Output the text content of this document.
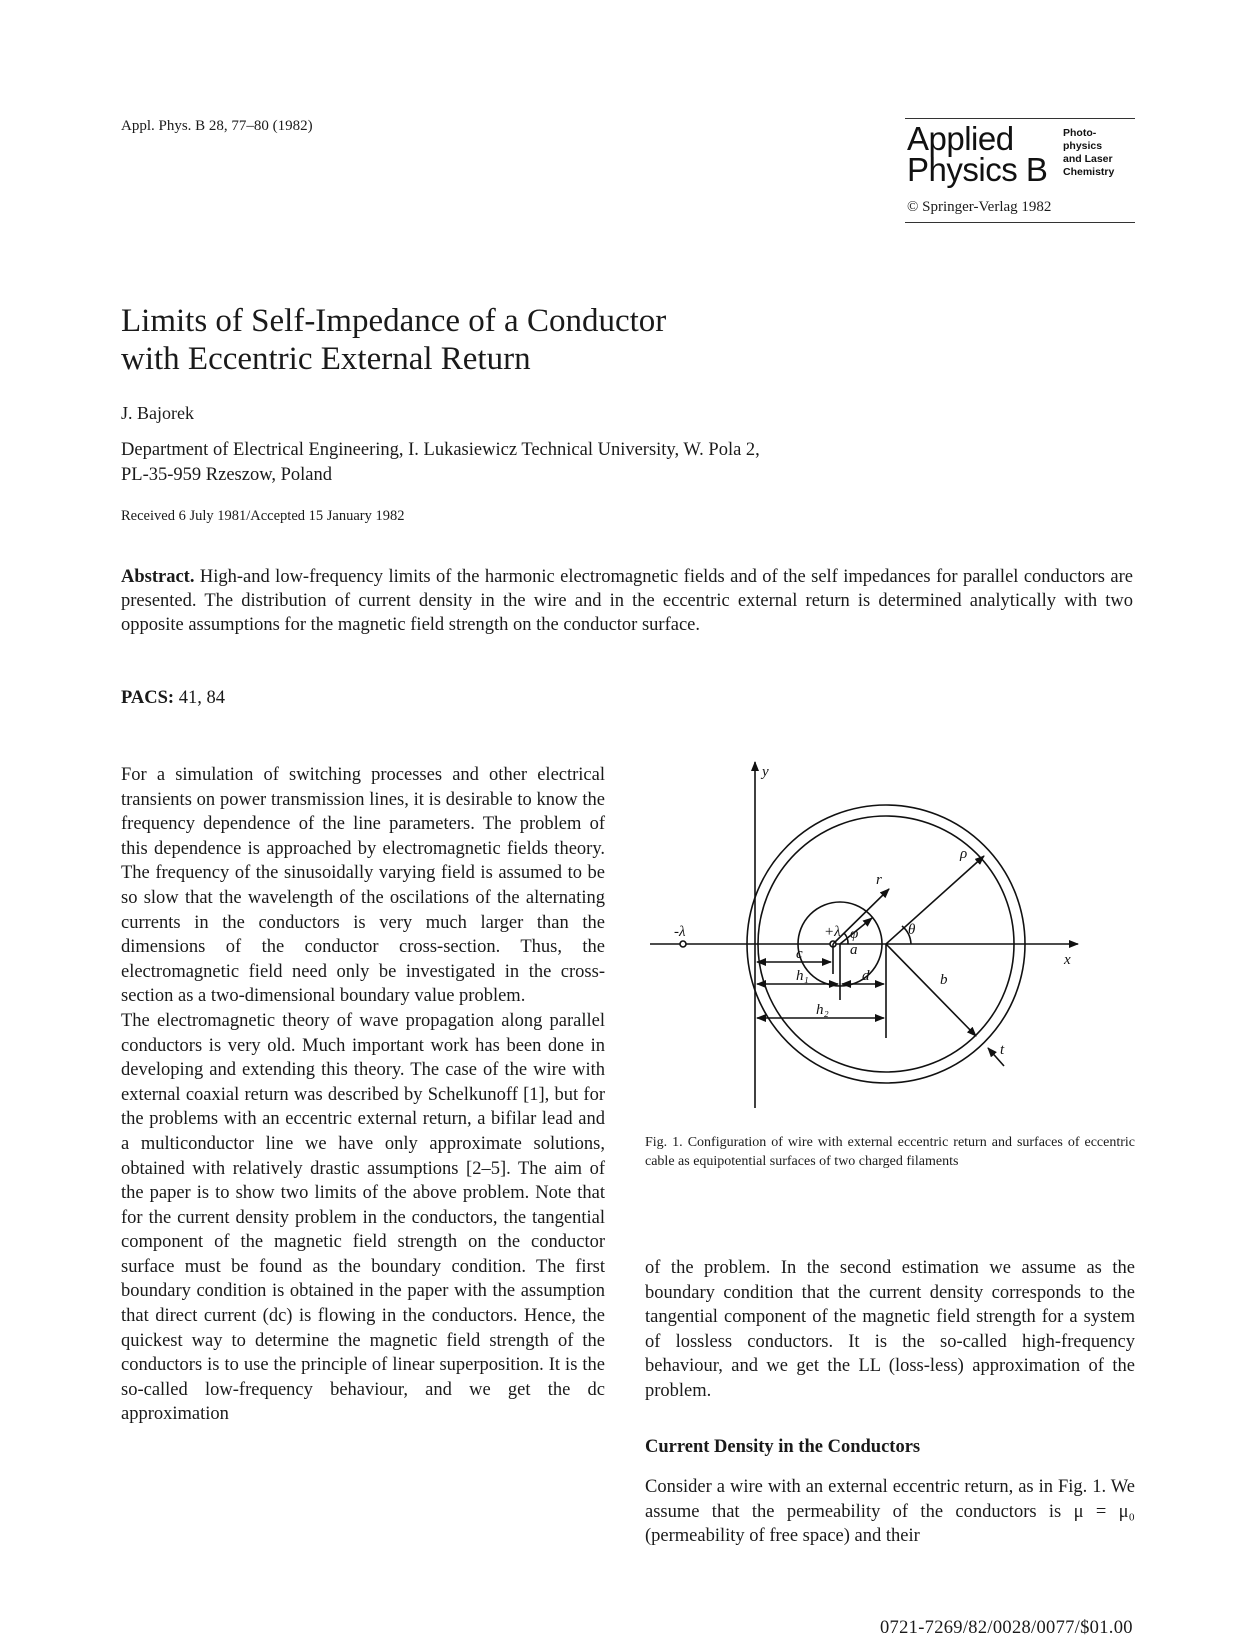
Appl. Phys. B 28, 77–80 (1982)	Applied
Physics B
Photo-
physics
and Laser
Chemistry
© Springer-Verlag 1982
Limits of Self-Impedance of a Conductor
with Eccentric External Return
J. Bajorek
Department of Electrical Engineering, I. Lukasiewicz Technical University, W. Pola 2,
PL-35-959 Rzeszow, Poland
Received 6 July 1981/Accepted 15 January 1982
Abstract. High-and low-frequency limits of the harmonic electromagnetic fields and of the self impedances for parallel conductors are presented. The distribution of current density in the wire and in the eccentric external return is determined analytically with two opposite assumptions for the magnetic field strength on the conductor surface.
PACS: 41, 84

For a simulation of switching processes and other electrical transients on power transmission lines, it is desirable to know the frequency dependence of the line parameters. The problem of this dependence is approached by electromagnetic fields theory. The frequency of the sinusoidally varying field is assumed to be so slow that the wavelength of the oscilations of the alternating currents in the conductors is very much larger than the dimensions of the conductor cross-section. Thus, the electromagnetic field need only be investigated in the cross-section as a two-dimensional boundary value problem.

The electromagnetic theory of wave propagation along parallel conductors is very old. Much important work has been done in developing and extending this theory. The case of the wire with external coaxial return was described by Schelkunoff [1], but for the problems with an eccentric external return, a bifilar lead and a multiconductor line we have only approximate solutions, obtained with relatively drastic assumptions [2–5]. The aim of the paper is to show two limits of the above problem. Note that for the current density problem in the conductors, the tangential component of the magnetic field strength on the conductor surface must be found as the boundary condition. The first boundary condition is obtained in the paper with the assumption that direct current (dc) is flowing in the conductors. Hence, the quickest way to determine the magnetic field strength of the conductors is to use the principle of linear superposition. It is the so-called low-frequency behaviour, and we get the dc approximation

y
x
-λ	+λ
r
ρ
φ
a
θ
c
h₁	d	b
h₂
t
Fig. 1. Configuration of wire with external eccentric return and surfaces of eccentric cable as equipotential surfaces of two charged filaments

of the problem. In the second estimation we assume as the boundary condition that the current density corresponds to the tangential component of the magnetic field strength for a system of lossless conductors. It is the so-called high-frequency behaviour, and we get the LL (loss-less) approximation of the problem.

Current Density in the Conductors

Consider a wire with an external eccentric return, as in Fig. 1. We assume that the permeability of the conductors is μ = μ₀ (permeability of free space) and their

0721-7269/82/0028/0077/$01.00
